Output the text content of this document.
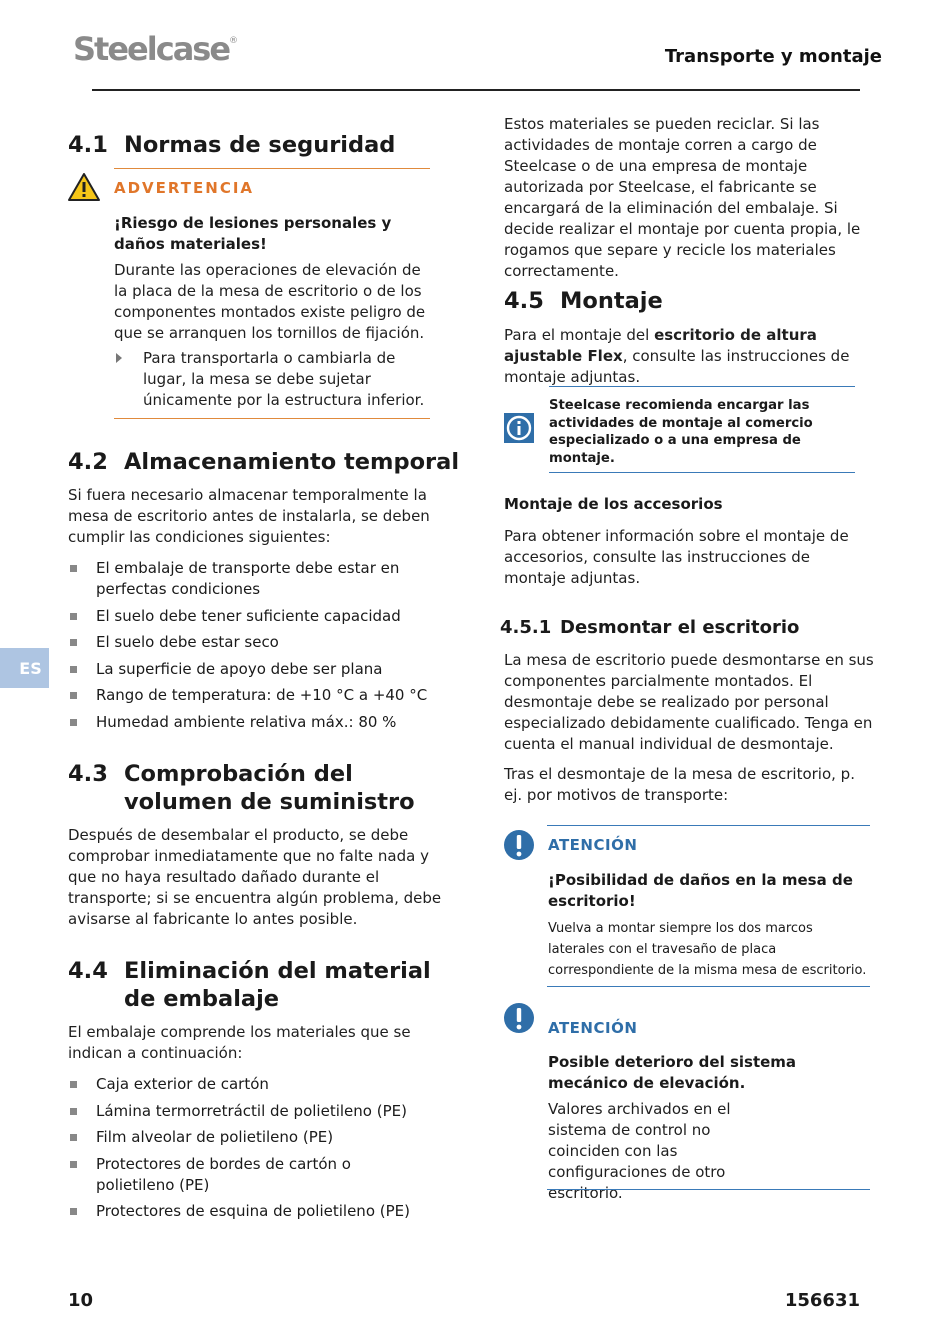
Steelcase®
Transporte y montaje
ES
4.1 Normas de seguridad
ADVERTENCIA
¡Riesgo de lesiones personales y daños materiales!
Durante las operaciones de elevación de la placa de la mesa de escritorio o de los componentes montados existe peligro de que se arranquen los tornillos de fijación.
Para transportarla o cambiarla de lugar, la mesa se debe sujetar únicamente por la estructura inferior.
4.2 Almacenamiento temporal
Si fuera necesario almacenar temporalmente la mesa de escritorio antes de instalarla, se deben cumplir las condiciones siguientes:
El embalaje de transporte debe estar en perfectas condiciones
El suelo debe tener suficiente capacidad
El suelo debe estar seco
La superficie de apoyo debe ser plana
Rango de temperatura: de +10 °C a +40 °C
Humedad ambiente relativa máx.: 80 %
4.3 Comprobación del volumen de suministro
Después de desembalar el producto, se debe comprobar inmediatamente que no falte nada y que no haya resultado dañado durante el transporte; si se encuentra algún problema, debe avisarse al fabricante lo antes posible.
4.4 Eliminación del material de embalaje
El embalaje comprende los materiales que se indican a continuación:
Caja exterior de cartón
Lámina termorretráctil de polietileno (PE)
Film alveolar de polietileno (PE)
Protectores de bordes de cartón o polietileno (PE)
Protectores de esquina de polietileno (PE)
Estos materiales se pueden reciclar. Si las actividades de montaje corren a cargo de Steelcase o de una empresa de montaje autorizada por Steelcase, el fabricante se encargará de la eliminación del embalaje. Si decide realizar el montaje por cuenta propia, le rogamos que separe y recicle los materiales correctamente.
4.5 Montaje
Para el montaje del escritorio de altura ajustable Flex, consulte las instrucciones de montaje adjuntas.
Steelcase recomienda encargar las actividades de montaje al comercio especializado o a una empresa de montaje.
Montaje de los accesorios
Para obtener información sobre el montaje de accesorios, consulte las instrucciones de montaje adjuntas.
4.5.1 Desmontar el escritorio
La mesa de escritorio puede desmontarse en sus componentes parcialmente montados. El desmontaje debe se realizado por personal especializado debidamente cualificado. Tenga en cuenta el manual individual de desmontaje.
Tras el desmontaje de la mesa de escritorio, p. ej. por motivos de transporte:
ATENCIÓN
¡Posibilidad de daños en la mesa de escritorio!
Vuelva a montar siempre los dos marcos laterales con el travesaño de placa correspondiente de la misma mesa de escritorio.
ATENCIÓN
Posible deterioro del sistema mecánico de elevación.
Valores archivados en el sistema de control no coinciden con las configuraciones de otro escritorio.
10	156631
